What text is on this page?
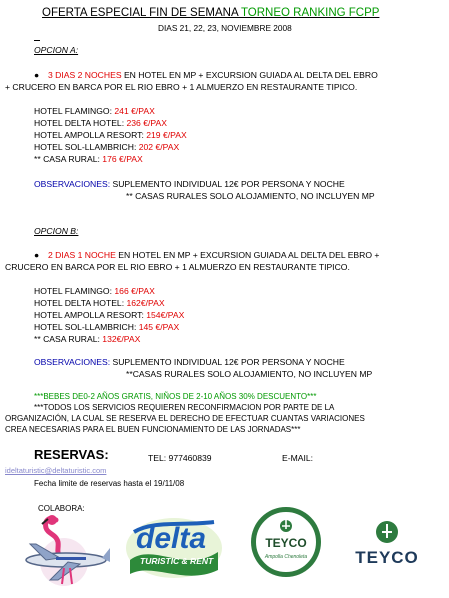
OFERTA ESPECIAL FIN DE SEMANA TORNEO RANKING FCPP
DIAS 21, 22, 23, NOVIEMBRE 2008
OPCION A:
● 3 DIAS 2 NOCHES EN HOTEL EN MP + EXCURSION GUIADA AL DELTA DEL EBRO
+ CRUCERO EN BARCA POR EL RIO EBRO + 1 ALMUERZO EN RESTAURANTE TIPICO.
HOTEL FLAMINGO: 241 €/PAX
HOTEL DELTA HOTEL: 236 €/PAX
HOTEL AMPOLLA RESORT: 219 €/PAX
HOTEL SOL-LLAMBRICH: 202 €/PAX
** CASA RURAL: 176 €/PAX
OBSERVACIONES: SUPLEMENTO INDIVIDUAL 12€ POR PERSONA Y NOCHE
** CASAS RURALES SOLO ALOJAMIENTO, NO INCLUYEN MP
OPCION B:
● 2 DIAS 1 NOCHE EN HOTEL EN MP + EXCURSION GUIADA AL DELTA DEL EBRO +
CRUCERO EN BARCA POR EL RIO EBRO + 1 ALMUERZO EN RESTAURANTE TIPICO.
HOTEL FLAMINGO: 166 €/PAX
HOTEL DELTA HOTEL: 162€/PAX
HOTEL AMPOLLA RESORT: 154€/PAX
HOTEL SOL-LLAMBRICH: 145 €/PAX
** CASA RURAL: 132€/PAX
OBSERVACIONES: SUPLEMENTO INDIVIDUAL 12€ POR PERSONA Y NOCHE
**CASAS RURALES SOLO ALOJAMIENTO, NO INCLUYEN MP
***BEBES DE0-2 AÑOS GRATIS, NIÑOS DE 2-10 AÑOS 30% DESCUENTO***
***TODOS LOS SERVICIOS REQUIEREN RECONFIRMACION POR PARTE DE LA
ORGANIZACIÓN, LA CUAL SE RESERVA EL DERECHO DE EFECTUAR CUANTAS VARIACIONES
CREA NECESARIAS PARA EL BUEN FUNCIONAMIENTO DE LAS JORNADAS***
RESERVAS:	TEL: 977460839	E-MAIL:
ideltaturistic@deltaturistic.com
Fecha limite de reservas hasta el 19/11/08
COLABORA:
delta
TURISTIC & RENT
TEYCO
Ampolla Chenoleta	TEYCO
